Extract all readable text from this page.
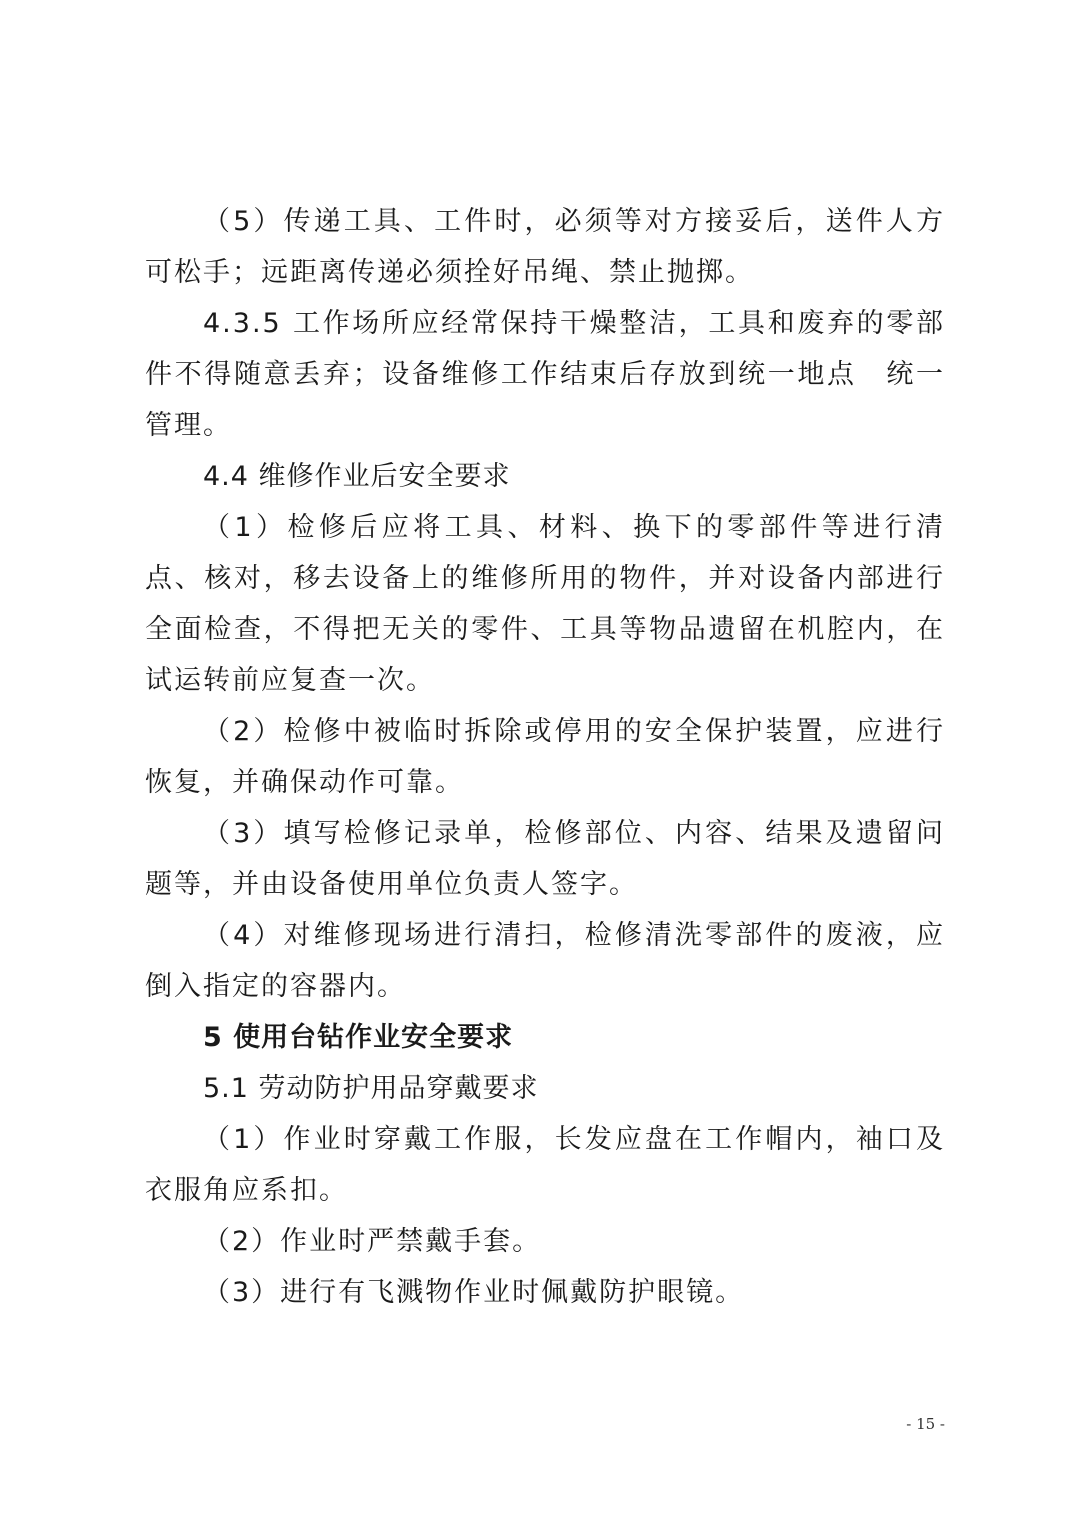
（5）传递工具、工件时，必须等对方接妥后，送件人方可松手；远距离传递必须拴好吊绳、禁止抛掷。

4.3.5 工作场所应经常保持干燥整洁，工具和废弃的零部件不得随意丢弃；设备维修工作结束后存放到统一地点　统一管理。

4.4 维修作业后安全要求

（1）检修后应将工具、材料、换下的零部件等进行清点、核对，移去设备上的维修所用的物件，并对设备内部进行全面检查，不得把无关的零件、工具等物品遗留在机腔内，在试运转前应复查一次。

（2）检修中被临时拆除或停用的安全保护装置，应进行恢复，并确保动作可靠。

（3）填写检修记录单，检修部位、内容、结果及遗留问题等，并由设备使用单位负责人签字。

（4）对维修现场进行清扫，检修清洗零部件的废液，应倒入指定的容器内。

5 使用台钻作业安全要求

5.1 劳动防护用品穿戴要求

（1）作业时穿戴工作服，长发应盘在工作帽内，袖口及衣服角应系扣。

（2）作业时严禁戴手套。

（3）进行有飞溅物作业时佩戴防护眼镜。

- 15 -
